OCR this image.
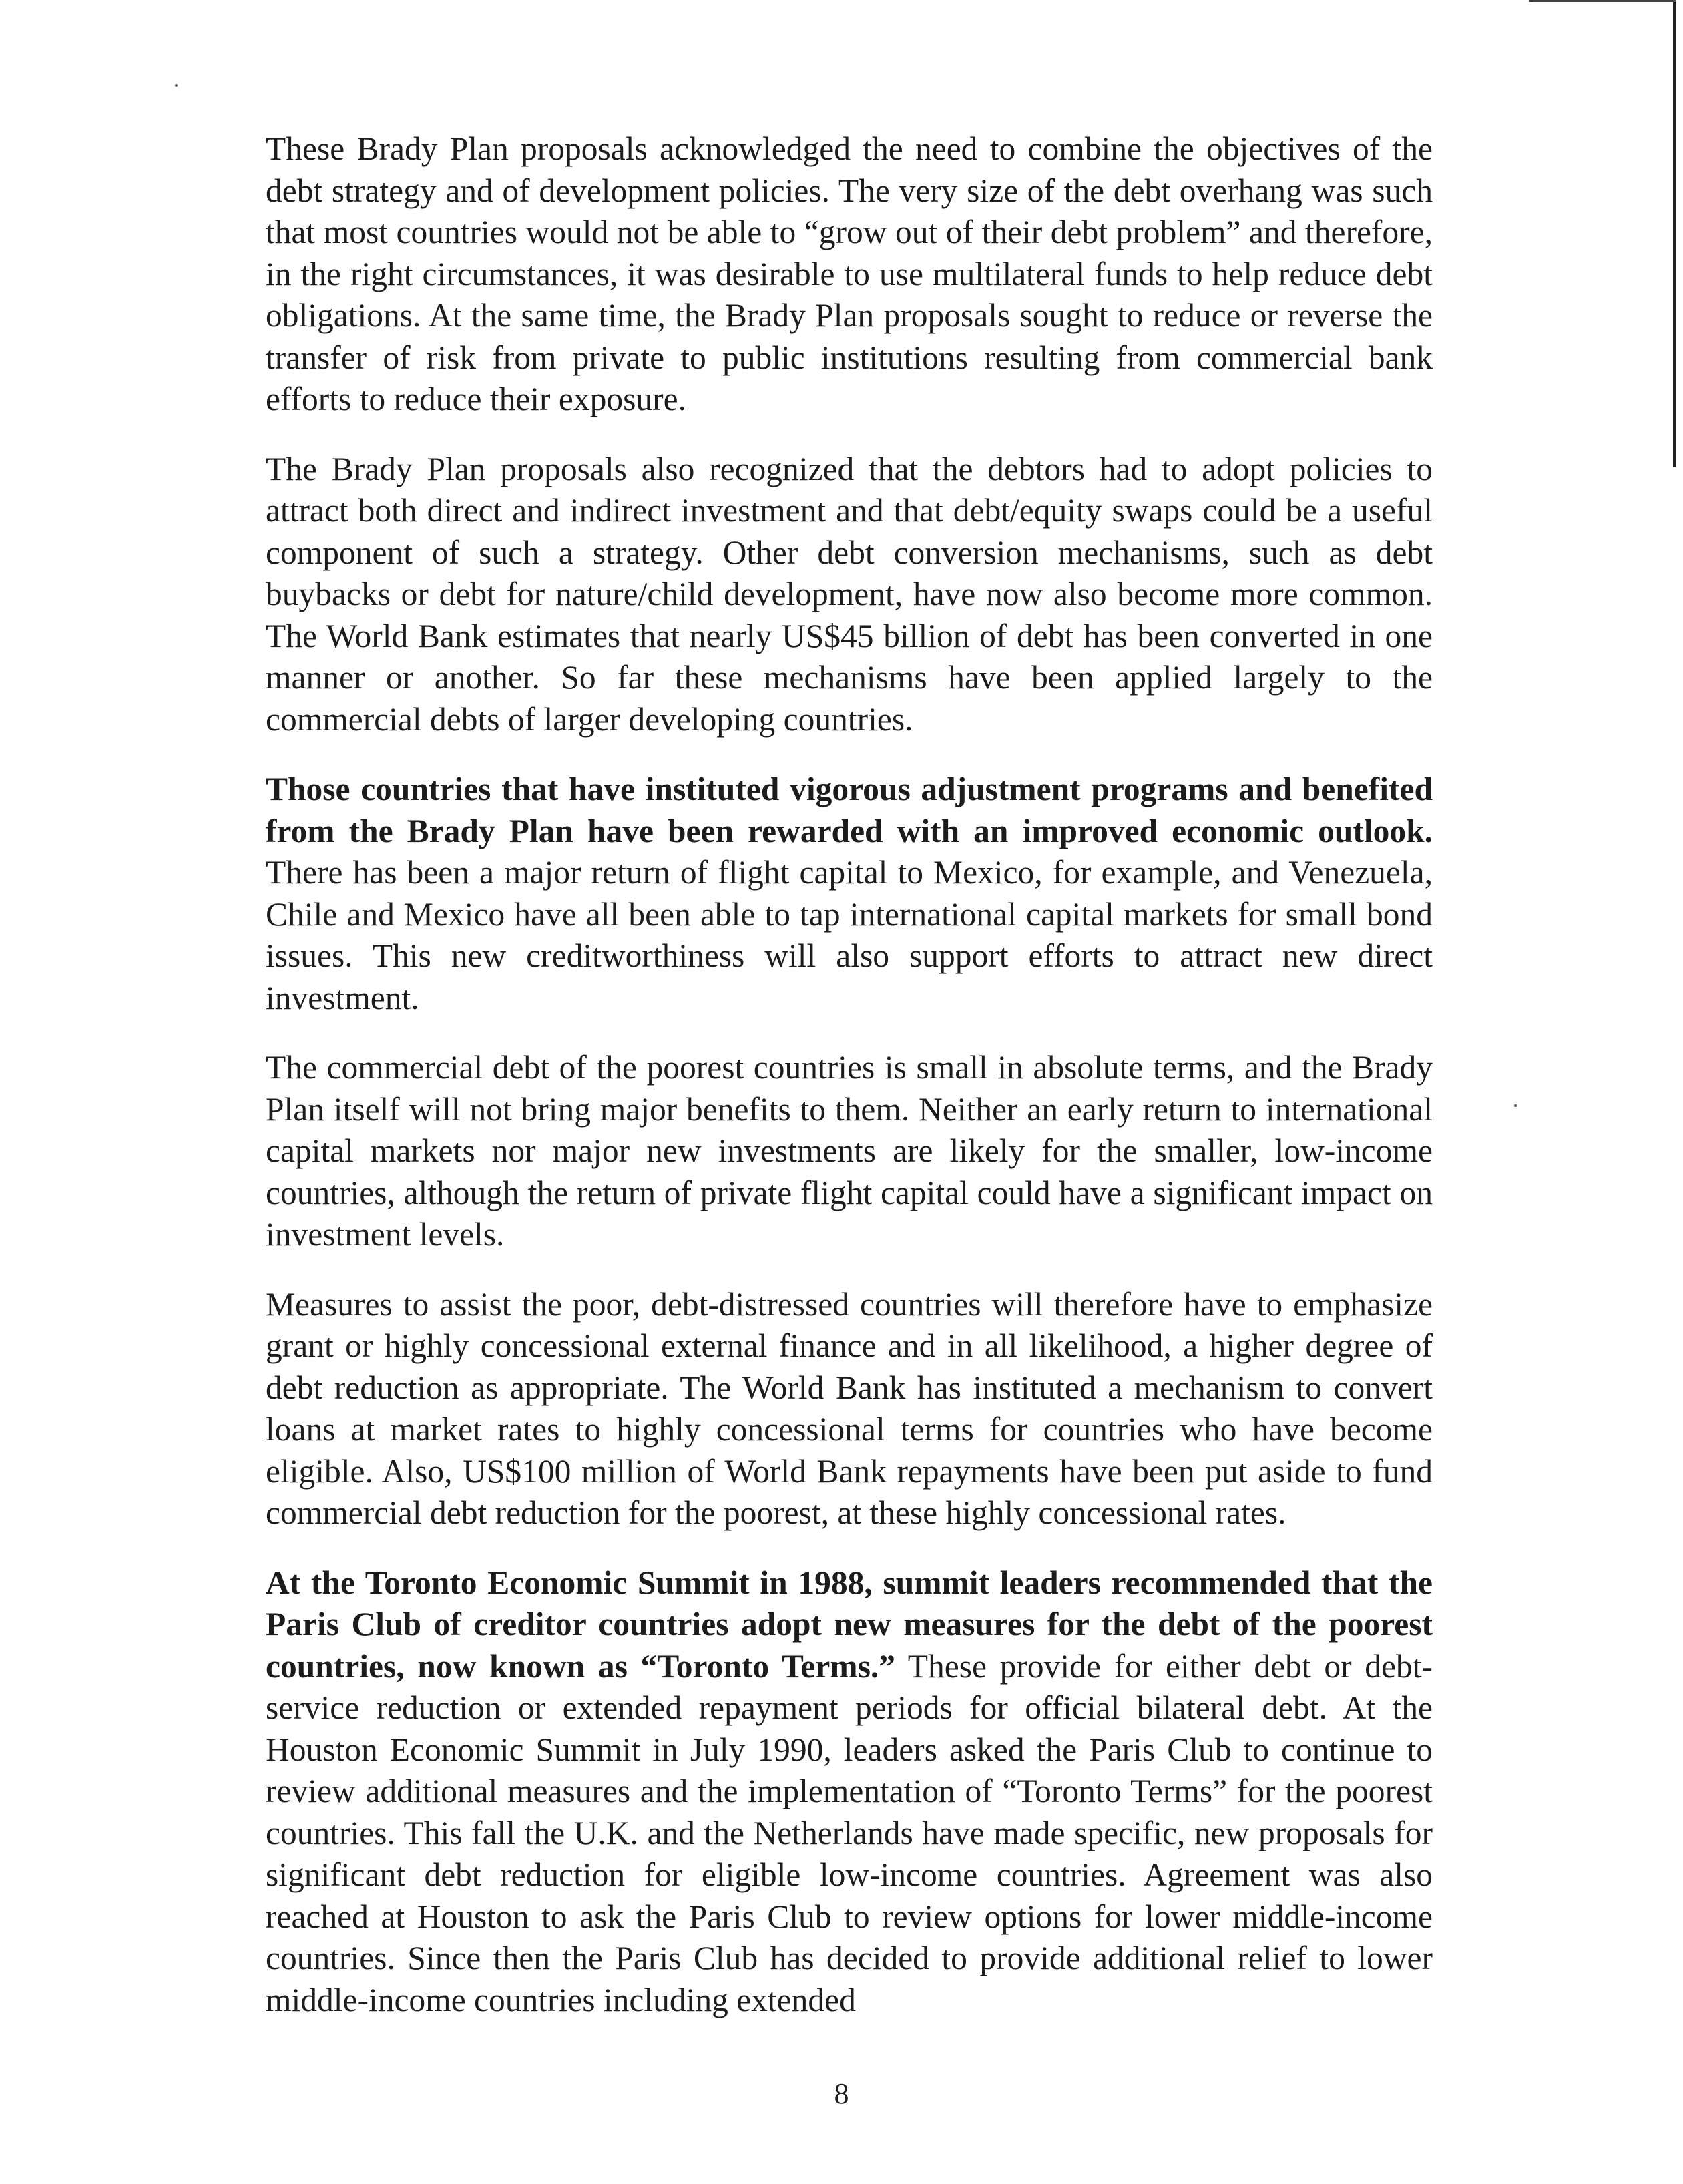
These Brady Plan proposals acknowledged the need to combine the objectives of the debt strategy and of development policies. The very size of the debt overhang was such that most countries would not be able to “grow out of their debt problem” and therefore, in the right circumstances, it was desirable to use multilateral funds to help reduce debt obligations. At the same time, the Brady Plan proposals sought to reduce or reverse the transfer of risk from private to public institutions resulting from commercial bank efforts to reduce their exposure.

The Brady Plan proposals also recognized that the debtors had to adopt policies to attract both direct and indirect investment and that debt/equity swaps could be a useful component of such a strategy. Other debt conversion mechanisms, such as debt buybacks or debt for nature/child development, have now also become more common. The World Bank estimates that nearly US$45 billion of debt has been converted in one manner or another. So far these mechanisms have been applied largely to the commercial debts of larger developing countries.

Those countries that have instituted vigorous adjustment programs and benefited from the Brady Plan have been rewarded with an improved economic outlook. There has been a major return of flight capital to Mexico, for example, and Venezuela, Chile and Mexico have all been able to tap international capital markets for small bond issues. This new creditworthiness will also support efforts to attract new direct investment.

The commercial debt of the poorest countries is small in absolute terms, and the Brady Plan itself will not bring major benefits to them. Neither an early return to international capital markets nor major new investments are likely for the smaller, low-income countries, although the return of private flight capital could have a significant impact on investment levels.

Measures to assist the poor, debt-distressed countries will therefore have to emphasize grant or highly concessional external finance and in all likelihood, a higher degree of debt reduction as appropriate. The World Bank has instituted a mechanism to convert loans at market rates to highly concessional terms for countries who have become eligible. Also, US$100 million of World Bank repayments have been put aside to fund commercial debt reduction for the poorest, at these highly concessional rates.

At the Toronto Economic Summit in 1988, summit leaders recommended that the Paris Club of creditor countries adopt new measures for the debt of the poorest countries, now known as “Toronto Terms.” These provide for either debt or debt-service reduction or extended repayment periods for official bilateral debt. At the Houston Economic Summit in July 1990, leaders asked the Paris Club to continue to review additional measures and the implementation of “Toronto Terms” for the poorest countries. This fall the U.K. and the Netherlands have made specific, new proposals for significant debt reduction for eligible low-income countries. Agreement was also reached at Houston to ask the Paris Club to review options for lower middle-income countries. Since then the Paris Club has decided to provide additional relief to lower middle-income countries including extended

8
